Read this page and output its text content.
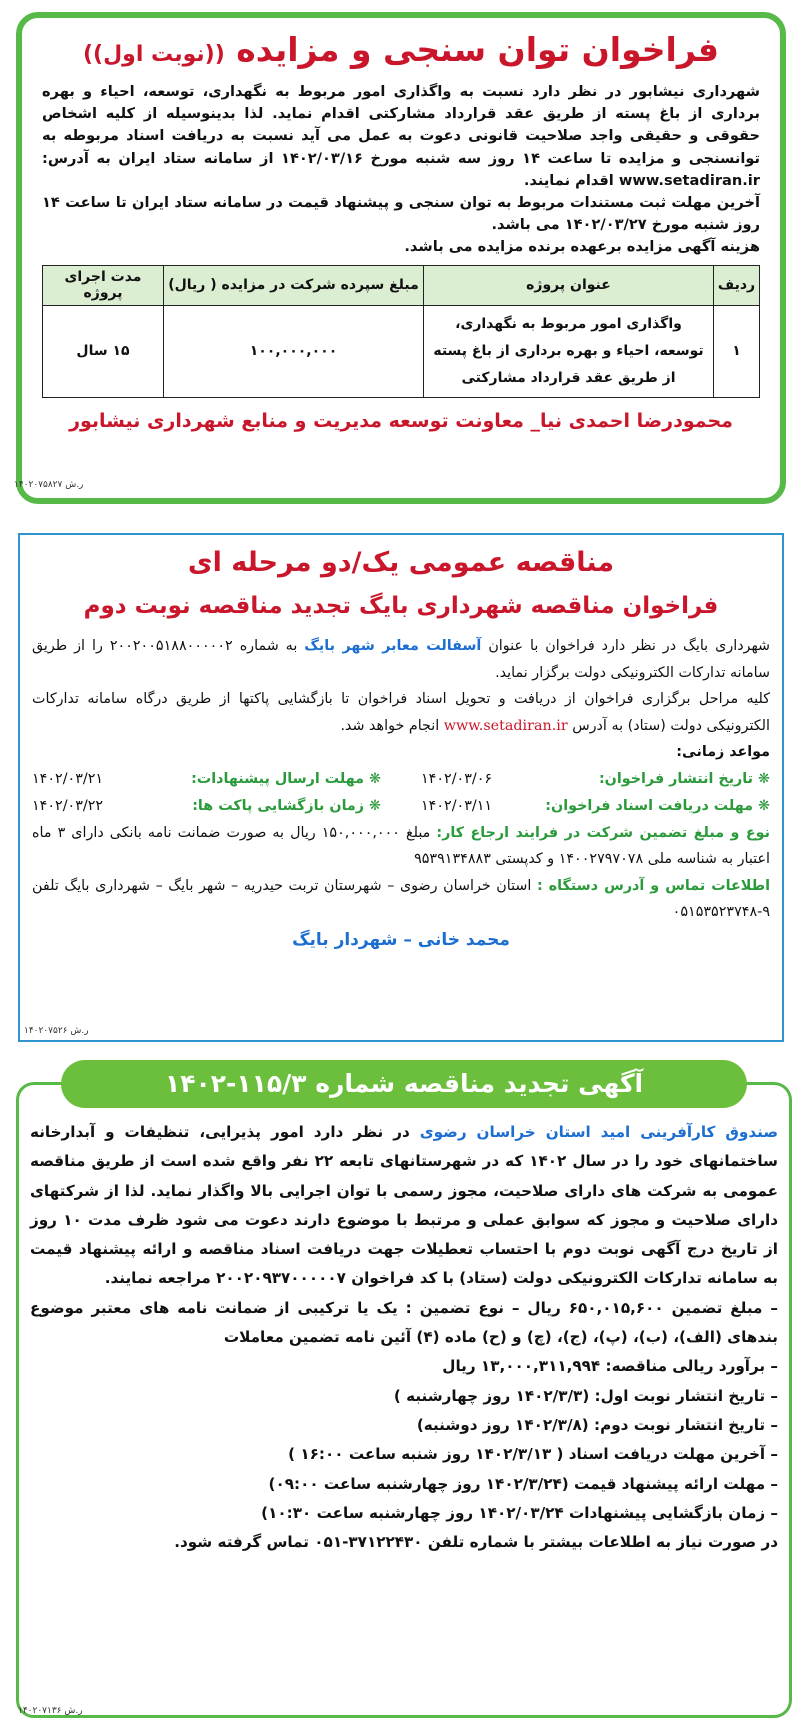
فراخوان توان سنجی و مزایده ((نوبت اول))
شهرداری نیشابور در نظر دارد نسبت به واگذاری امور مربوط به نگهداری، توسعه، احیاء و بهره برداری از باغ پسته از طریق عقد قرارداد مشارکتی اقدام نماید. لذا بدینوسیله از کلیه اشخاص حقوقی و حقیقی واجد صلاحیت قانونی دعوت به عمل می آید نسبت به دریافت اسناد مربوطه به توانسنجی و مزایده تا ساعت ۱۴ روز سه شنبه مورخ ۱۴۰۲/۰۳/۱۶ از سامانه ستاد ایران به آدرس: www.setadiran.ir اقدام نمایند.
آخرین مهلت ثبت مستندات مربوط به توان سنجی و پیشنهاد قیمت در سامانه ستاد ایران تا ساعت ۱۴ روز شنبه مورخ ۱۴۰۲/۰۳/۲۷ می باشد.
هزینه آگهی مزایده برعهده برنده مزایده می باشد.
ردیف	عنوان پروژه	مبلغ سپرده شرکت در مزایده ( ریال)	مدت اجرای پروژه
۱	واگذاری امور مربوط به نگهداری، توسعه، احیاء و بهره برداری از باغ پسته از طریق عقد قرارداد مشارکتی	۱۰۰,۰۰۰,۰۰۰	۱۵ سال
محمودرضا احمدی نیا_ معاونت توسعه مدیریت و منابع شهرداری نیشابور
۱۴۰۲۰۷۵۸۲۷ ر.ش
مناقصه عمومی یک/دو مرحله ای
فراخوان مناقصه شهرداری بایگ تجدید مناقصه نوبت دوم
شهرداری بایگ در نظر دارد فراخوان با عنوان آسفالت معابر شهر بایگ به شماره ۲۰۰۲۰۰۵۱۸۸۰۰۰۰۰۲ را از طریق سامانه تدارکات الکترونیکی دولت برگزار نماید.
کلیه مراحل برگزاری فراخوان از دریافت و تحویل اسناد فراخوان تا بازگشایی پاکتها از طریق درگاه سامانه تدارکات الکترونیکی دولت (ستاد) به آدرس www.setadiran.ir انجام خواهد شد.
مواعد زمانی:
❋ تاریخ انتشار فراخوان:
۱۴۰۲/۰۳/۰۶
❋ مهلت ارسال پیشنهادات:
۱۴۰۲/۰۳/۲۱
❋ مهلت دریافت اسناد فراخوان:
۱۴۰۲/۰۳/۱۱
❋ زمان بازگشایی پاکت ها:
۱۴۰۲/۰۳/۲۲
نوع و مبلغ تضمین شرکت در فرایند ارجاع کار: مبلغ ۱۵۰,۰۰۰,۰۰۰ ریال به صورت ضمانت نامه بانکی دارای ۳ ماه اعتبار به شناسه ملی ۱۴۰۰۲۷۹۷۰۷۸ و کدپستی ۹۵۳۹۱۳۴۸۸۳
اطلاعات تماس و آدرس دستگاه : استان خراسان رضوی – شهرستان تربت حیدریه – شهر بایگ – شهرداری بایگ تلفن ۹-۰۵۱۵۳۵۲۳۷۴۸
محمد خانی – شهردار بایگ
۱۴۰۲۰۷۵۲۶ ر.ش
آگهی تجدید مناقصه شماره ۱۱۵/۳-۱۴۰۲
صندوق کارآفرینی امید استان خراسان رضوی در نظر دارد امور پذیرایی، تنظیفات و آبدارخانه ساختمانهای خود را در سال ۱۴۰۲ که در شهرستانهای تابعه ۲۲ نفر واقع شده است از طریق مناقصه عمومی به شرکت های دارای صلاحیت، مجوز رسمی با توان اجرایی بالا واگذار نماید. لذا از شرکتهای دارای صلاحیت و مجوز که سوابق عملی و مرتبط با موضوع دارند دعوت می شود ظرف مدت ۱۰ روز از تاریخ درج آگهی نوبت دوم با احتساب تعطیلات جهت دریافت اسناد مناقصه و ارائه پیشنهاد قیمت به سامانه تدارکات الکترونیکی دولت (ستاد) با کد فراخوان ۲۰۰۲۰۹۳۷۰۰۰۰۰۷ مراجعه نمایند.
– مبلغ تضمین ۶۵۰,۰۱۵,۶۰۰ ریال – نوع تضمین : یک یا ترکیبی از ضمانت نامه های معتبر موضوع بندهای (الف)، (ب)، (پ)، (ج)، (چ) و (ح) ماده (۴) آئین نامه تضمین معاملات
– برآورد ریالی مناقصه: ۱۳,۰۰۰,۳۱۱,۹۹۴ ریال
– تاریخ انتشار نوبت اول: (۱۴۰۲/۳/۳ روز چهارشنبه )
– تاریخ انتشار نوبت دوم: (۱۴۰۲/۳/۸ روز دوشنبه)
– آخرین مهلت دریافت اسناد ( ۱۴۰۲/۳/۱۳ روز شنبه ساعت ۱۶:۰۰ )
– مهلت ارائه پیشنهاد قیمت (۱۴۰۲/۳/۲۴ روز چهارشنبه ساعت ۰۹:۰۰)
– زمان بازگشایی پیشنهادات ۱۴۰۲/۰۳/۲۴ روز چهارشنبه ساعت ۱۰:۳۰)
در صورت نیاز به اطلاعات بیشتر با شماره تلفن ۳۷۱۲۲۴۳۰-۰۵۱ تماس گرفته شود.
۱۴۰۲۰۷۱۳۶ ر.ش
